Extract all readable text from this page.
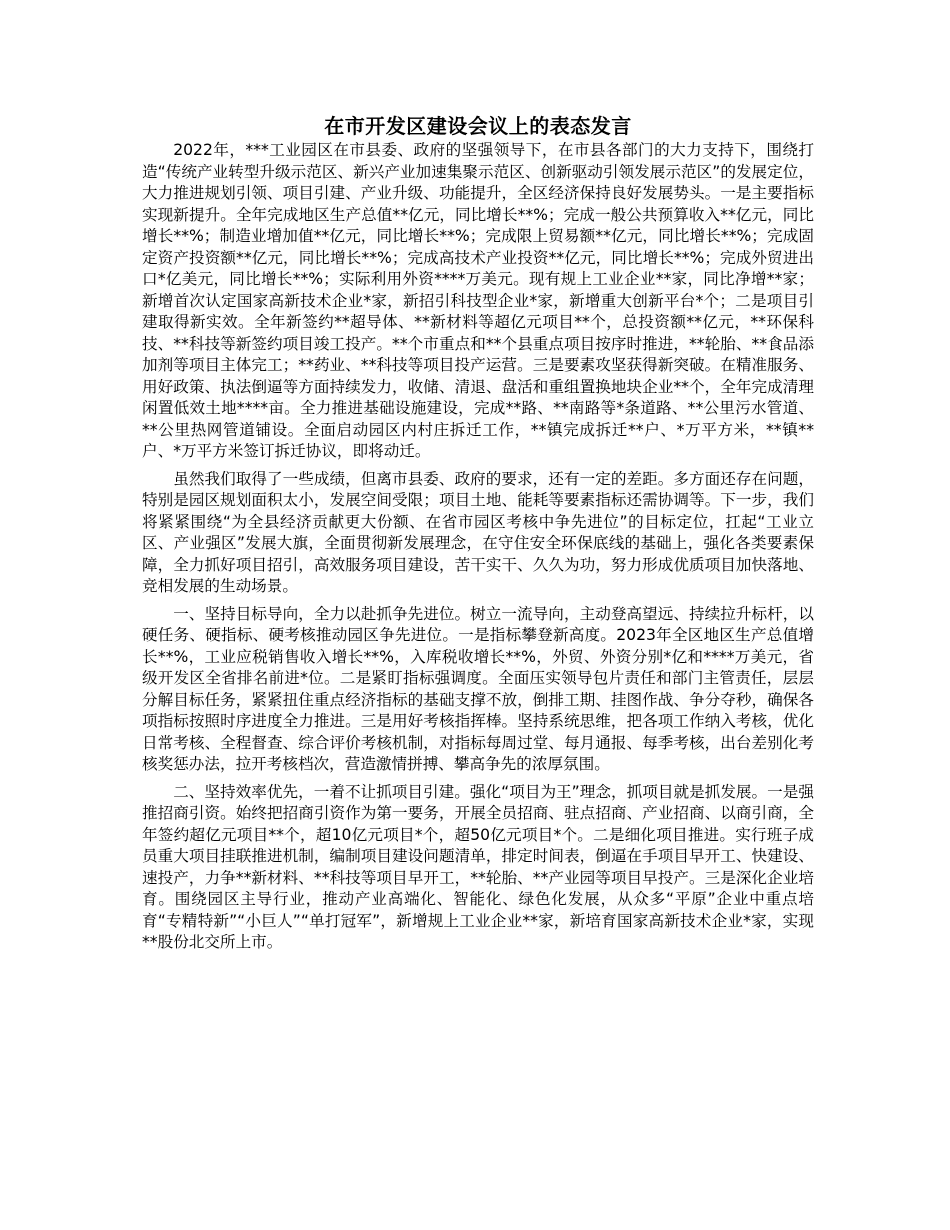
在市开发区建设会议上的表态发言

2022年，***工业园区在市县委、政府的坚强领导下，在市县各部门的大力支持下，围绕打造“传统产业转型升级示范区、新兴产业加速集聚示范区、创新驱动引领发展示范区”的发展定位，大力推进规划引领、项目引建、产业升级、功能提升，全区经济保持良好发展势头。一是主要指标实现新提升。全年完成地区生产总值**亿元，同比增长**%；完成一般公共预算收入**亿元，同比增长**%；制造业增加值**亿元，同比增长**%；完成限上贸易额**亿元，同比增长**%；完成固定资产投资额**亿元，同比增长**%；完成高技术产业投资**亿元，同比增长**%；完成外贸进出口*亿美元，同比增长**%；实际利用外资****万美元。现有规上工业企业**家，同比净增**家；新增首次认定国家高新技术企业*家，新招引科技型企业*家，新增重大创新平台*个；二是项目引建取得新实效。全年新签约**超导体、**新材料等超亿元项目**个，总投资额**亿元，**环保科技、**科技等新签约项目竣工投产。**个市重点和**个县重点项目按序时推进，**轮胎、**食品添加剂等项目主体完工；**药业、**科技等项目投产运营。三是要素攻坚获得新突破。在精准服务、用好政策、执法倒逼等方面持续发力，收储、清退、盘活和重组置换地块企业**个，全年完成清理闲置低效土地****亩。全力推进基础设施建设，完成**路、**南路等*条道路、**公里污水管道、**公里热网管道铺设。全面启动园区内村庄拆迁工作，**镇完成拆迁**户、*万平方米，**镇**户、*万平方米签订拆迁协议，即将动迁。

虽然我们取得了一些成绩，但离市县委、政府的要求，还有一定的差距。多方面还存在问题，特别是园区规划面积太小，发展空间受限；项目土地、能耗等要素指标还需协调等。下一步，我们将紧紧围绕“为全县经济贡献更大份额、在省市园区考核中争先进位”的目标定位，扛起“工业立区、产业强区”发展大旗，全面贯彻新发展理念，在守住安全环保底线的基础上，强化各类要素保障，全力抓好项目招引，高效服务项目建设，苦干实干、久久为功，努力形成优质项目加快落地、竞相发展的生动场景。

一、坚持目标导向，全力以赴抓争先进位。树立一流导向，主动登高望远、持续拉升标杆，以硬任务、硬指标、硬考核推动园区争先进位。一是指标攀登新高度。2023年全区地区生产总值增长**%，工业应税销售收入增长**%，入库税收增长**%，外贸、外资分别*亿和****万美元，省级开发区全省排名前进*位。二是紧盯指标强调度。全面压实领导包片责任和部门主管责任，层层分解目标任务，紧紧扭住重点经济指标的基础支撑不放，倒排工期、挂图作战、争分夺秒，确保各项指标按照时序进度全力推进。三是用好考核指挥棒。坚持系统思维，把各项工作纳入考核，优化日常考核、全程督查、综合评价考核机制，对指标每周过堂、每月通报、每季考核，出台差别化考核奖惩办法，拉开考核档次，营造激情拼搏、攀高争先的浓厚氛围。

二、坚持效率优先，一着不让抓项目引建。强化“项目为王”理念，抓项目就是抓发展。一是强推招商引资。始终把招商引资作为第一要务，开展全员招商、驻点招商、产业招商、以商引商，全年签约超亿元项目**个，超10亿元项目*个，超50亿元项目*个。二是细化项目推进。实行班子成员重大项目挂联推进机制，编制项目建设问题清单，排定时间表，倒逼在手项目早开工、快建设、速投产，力争**新材料、**科技等项目早开工，**轮胎、**产业园等项目早投产。三是深化企业培育。围绕园区主导行业，推动产业高端化、智能化、绿色化发展，从众多“平原”企业中重点培育“专精特新”“小巨人”“单打冠军”，新增规上工业企业**家，新培育国家高新技术企业*家，实现**股份北交所上市。
